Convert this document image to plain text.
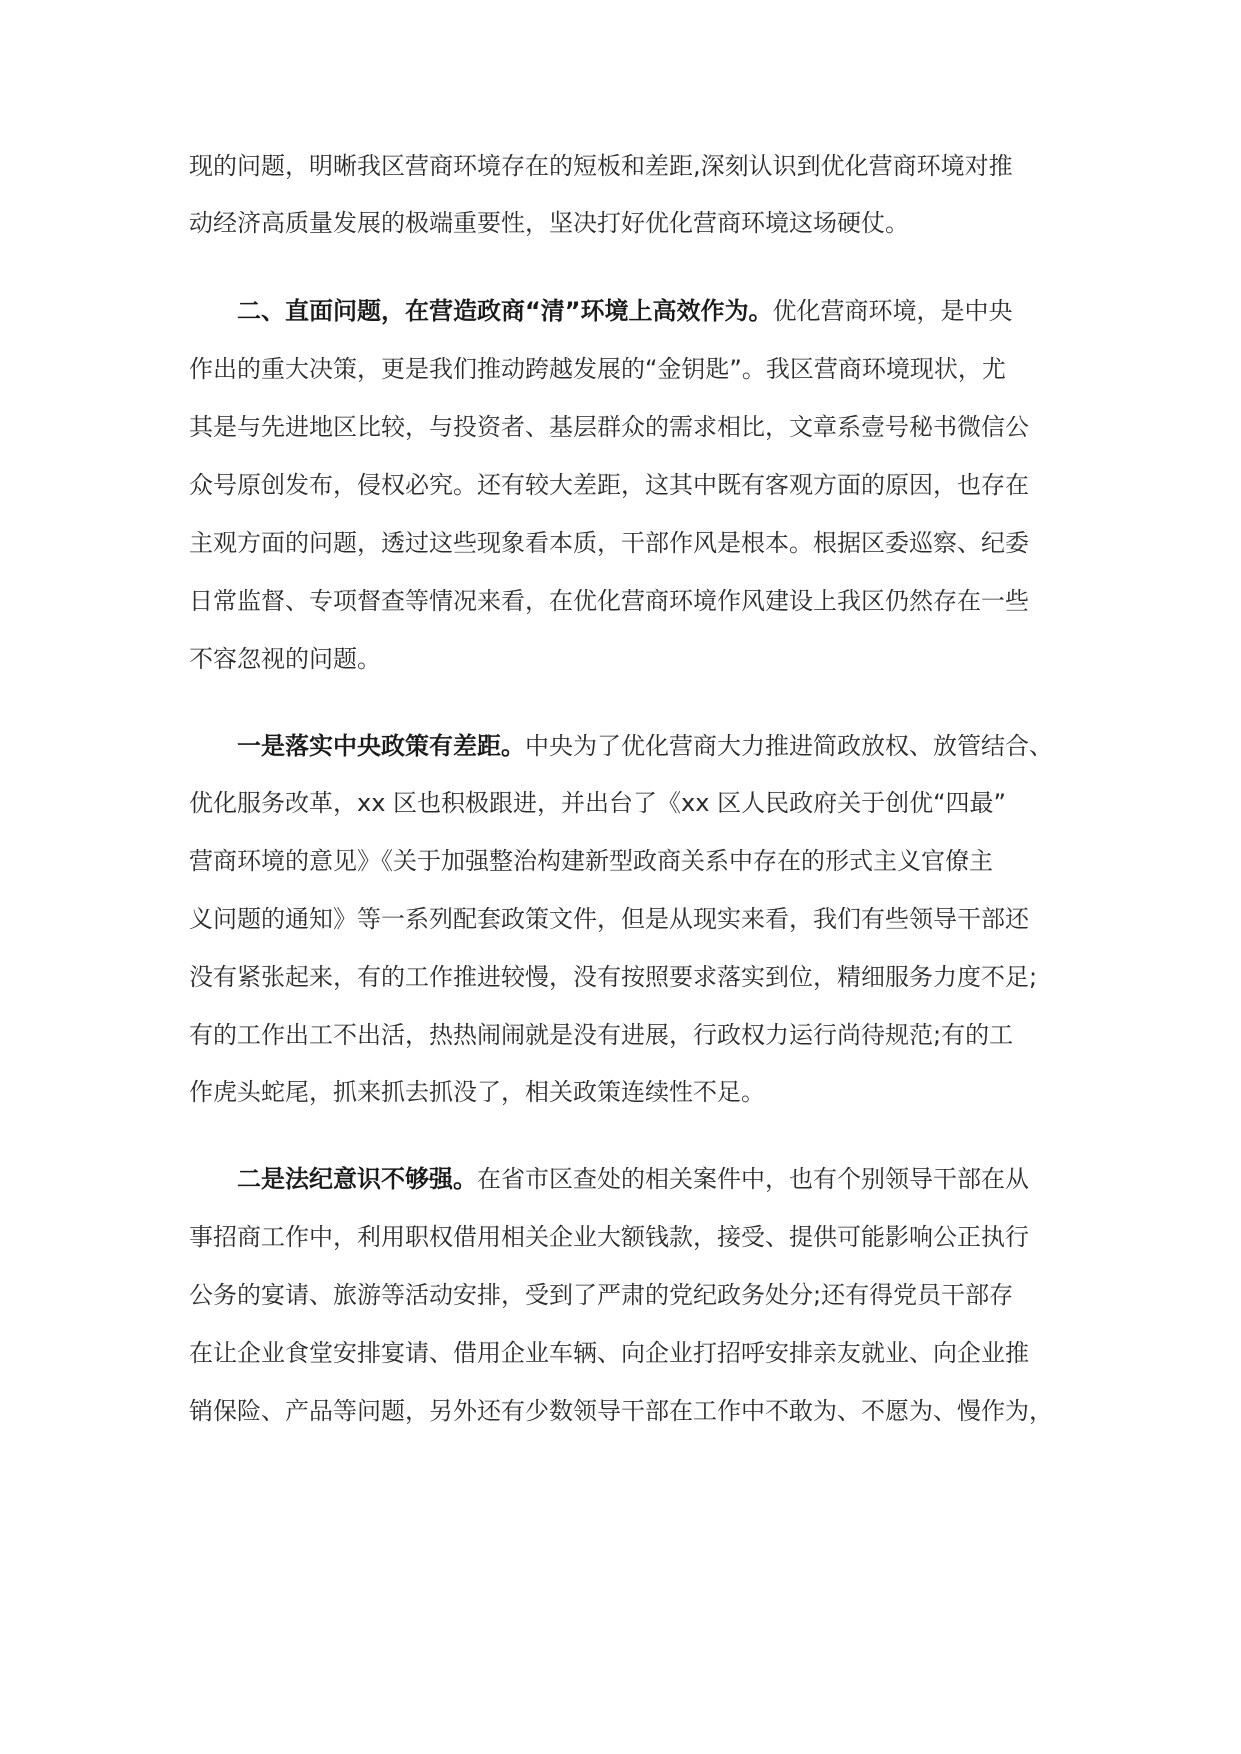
现的问题，明晰我区营商环境存在的短板和差距,深刻认识到优化营商环境对推
动经济高质量发展的极端重要性，坚决打好优化营商环境这场硬仗。
二、直面问题，在营造政商“清”环境上高效作为。优化营商环境，是中央
作出的重大决策，更是我们推动跨越发展的“金钥匙”。我区营商环境现状，尤
其是与先进地区比较，与投资者、基层群众的需求相比，文章系壹号秘书微信公
众号原创发布，侵权必究。还有较大差距，这其中既有客观方面的原因，也存在
主观方面的问题，透过这些现象看本质，干部作风是根本。根据区委巡察、纪委
日常监督、专项督查等情况来看，在优化营商环境作风建设上我区仍然存在一些
不容忽视的问题。
一是落实中央政策有差距。中央为了优化营商大力推进简政放权、放管结合、
优化服务改革，xx 区也积极跟进，并出台了《xx 区人民政府关于创优“四最”
营商环境的意见》《关于加强整治构建新型政商关系中存在的形式主义官僚主
义问题的通知》等一系列配套政策文件，但是从现实来看，我们有些领导干部还
没有紧张起来，有的工作推进较慢，没有按照要求落实到位，精细服务力度不足;
有的工作出工不出活，热热闹闹就是没有进展，行政权力运行尚待规范;有的工
作虎头蛇尾，抓来抓去抓没了，相关政策连续性不足。
二是法纪意识不够强。在省市区查处的相关案件中，也有个别领导干部在从
事招商工作中，利用职权借用相关企业大额钱款，接受、提供可能影响公正执行
公务的宴请、旅游等活动安排，受到了严肃的党纪政务处分;还有得党员干部存
在让企业食堂安排宴请、借用企业车辆、向企业打招呼安排亲友就业、向企业推
销保险、产品等问题，另外还有少数领导干部在工作中不敢为、不愿为、慢作为，
